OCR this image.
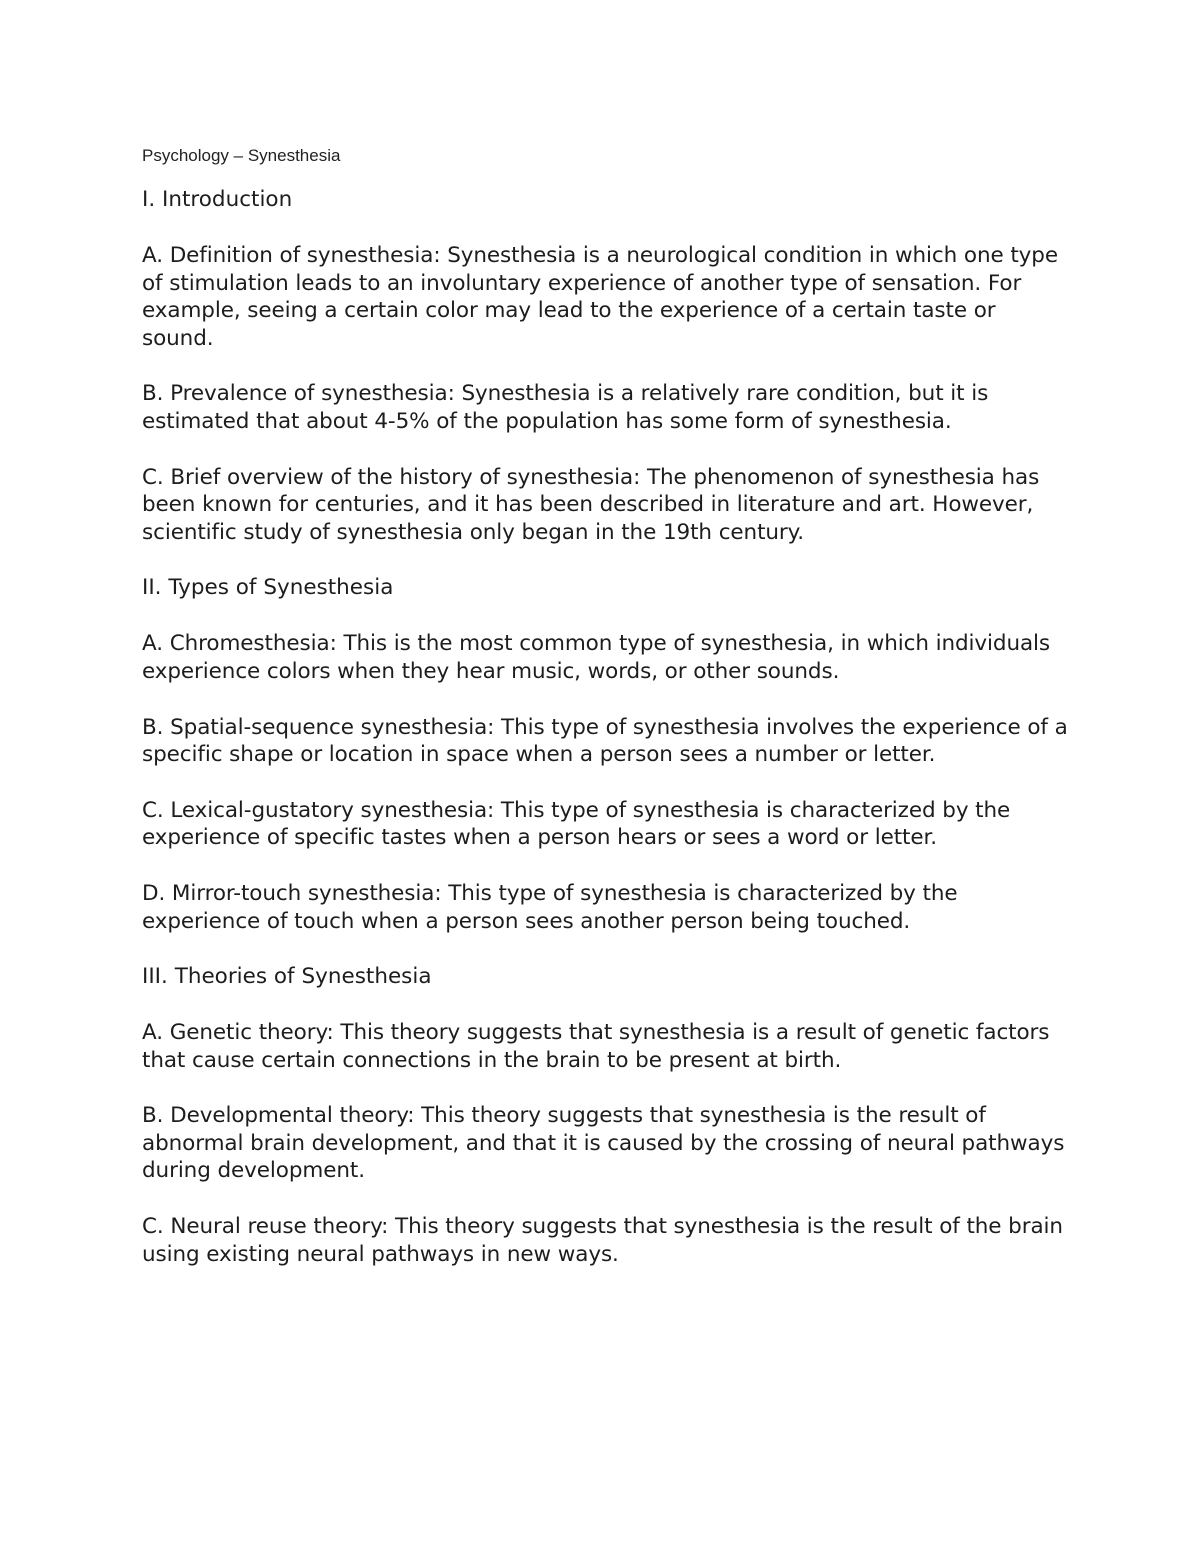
Psychology – Synesthesia
I. Introduction

A. Definition of synesthesia: Synesthesia is a neurological condition in which one type of stimulation leads to an involuntary experience of another type of sensation. For example, seeing a certain color may lead to the experience of a certain taste or sound.

B. Prevalence of synesthesia: Synesthesia is a relatively rare condition, but it is estimated that about 4-5% of the population has some form of synesthesia.

C. Brief overview of the history of synesthesia: The phenomenon of synesthesia has been known for centuries, and it has been described in literature and art. However, scientific study of synesthesia only began in the 19th century.

II. Types of Synesthesia

A. Chromesthesia: This is the most common type of synesthesia, in which individuals experience colors when they hear music, words, or other sounds.

B. Spatial-sequence synesthesia: This type of synesthesia involves the experience of a specific shape or location in space when a person sees a number or letter.

C. Lexical-gustatory synesthesia: This type of synesthesia is characterized by the experience of specific tastes when a person hears or sees a word or letter.

D. Mirror-touch synesthesia: This type of synesthesia is characterized by the experience of touch when a person sees another person being touched.

III. Theories of Synesthesia

A. Genetic theory: This theory suggests that synesthesia is a result of genetic factors that cause certain connections in the brain to be present at birth.

B. Developmental theory: This theory suggests that synesthesia is the result of abnormal brain development, and that it is caused by the crossing of neural pathways during development.

C. Neural reuse theory: This theory suggests that synesthesia is the result of the brain using existing neural pathways in new ways.
